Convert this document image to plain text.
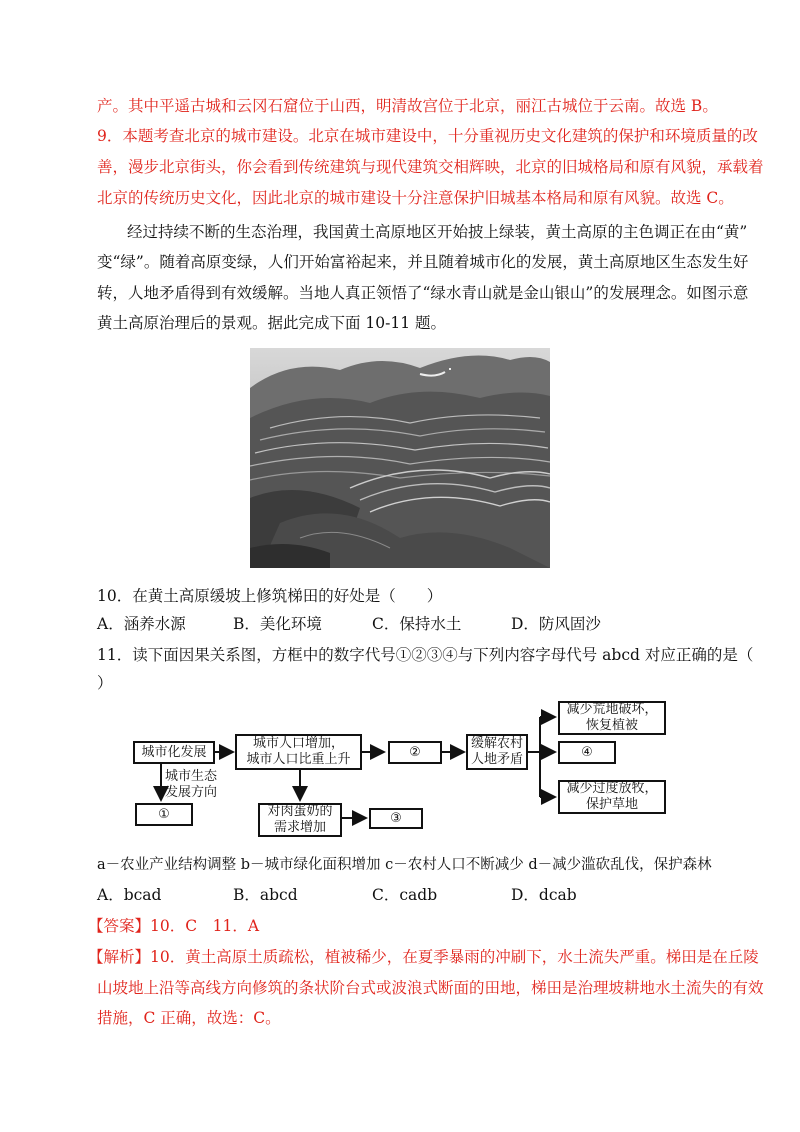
产。其中平遥古城和云冈石窟位于山西，明清故宫位于北京，丽江古城位于云南。故选 B。
9．本题考查北京的城市建设。北京在城市建设中，十分重视历史文化建筑的保护和环境质量的改
善，漫步北京街头，你会看到传统建筑与现代建筑交相辉映，北京的旧城格局和原有风貌，承载着
北京的传统历史文化，因此北京的城市建设十分注意保护旧城基本格局和原有风貌。故选 C。
经过持续不断的生态治理，我国黄土高原地区开始披上绿装，黄土高原的主色调正在由“黄”
变“绿”。随着高原变绿，人们开始富裕起来，并且随着城市化的发展，黄土高原地区生态发生好
转，人地矛盾得到有效缓解。当地人真正领悟了“绿水青山就是金山银山”的发展理念。如图示意
黄土高原治理后的景观。据此完成下面 10-11 题。
10．在黄土高原缓坡上修筑梯田的好处是（　　）
A．涵养水源	B．美化环境	C．保持水土	D．防风固沙
11．读下面因果关系图，方框中的数字代号①②③④与下列内容字母代号 abcd 对应正确的是（
）
城市化发展
城市人口增加，
城市人口比重上升	②
缓解农村
人地矛盾
减少荒地破坏，
恢复植被
④
减少过度放牧，
保护草地
城市生态
发展方向
①	对肉蛋奶的
需求增加
③
a－农业产业结构调整 b－城市绿化面积增加 c－农村人口不断减少 d－减少滥砍乱伐，保护森林
A．bcad	B．abcd	C．cadb	D．dcab
【答案】10．C　11．A
【解析】10．黄土高原土质疏松，植被稀少，在夏季暴雨的冲刷下，水土流失严重。梯田是在丘陵
山坡地上沿等高线方向修筑的条状阶台式或波浪式断面的田地，梯田是治理坡耕地水土流失的有效
措施，C 正确，故选：C。
